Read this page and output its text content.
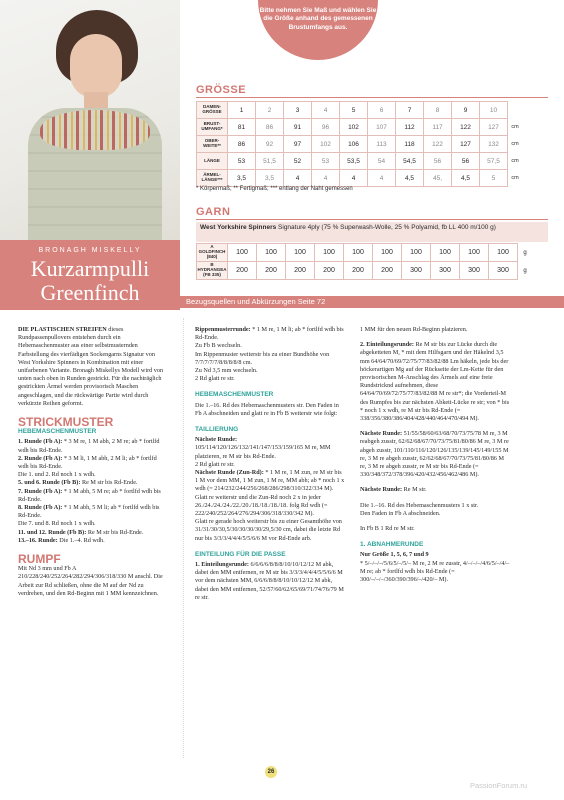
BRONAGH MISKELLY
Kurzarmpulli
Greenfinch
Bitte nehmen Sie Maß und wählen Sie die Größe anhand des gemessenen Brustumfangs aus.
GRÖSSE
DAMEN-GRÖSSE	1	2	3	4	5	6	7	8	9	10	
BRUST-UMFANG*	81	86	91	96	102	107	112	117	122	127	cm
OBER-WEITE**	86	92	97	102	106	113	118	122	127	132	cm
LÄNGE	53	51,5	52	53	53,5	54	54,5	56	56	57,5	cm
ÄRMEL-LÄNGE***	3,5	3,5	4	4	4	4	4,5	45,	4,5	5	cm
* Körpermaß; ** Fertigmaß; *** entlang der Naht gemessen
GARN
West Yorkshire Spinners Signature 4ply (75 % Superwash-Wolle, 25 % Polyamid, fb LL 400 m/100 g)
A GOLDFINCH (840)	100	100	100	100	100	100	100	100	100	100	g
B HYDRANGEA (FB 335)	200	200	200	200	200	200	300	300	300	300	g
Bezugsquellen und Abkürzungen Seite 72
DIE PLASTISCHEN STREIFEN dieses Rundpassenpullovers entstehen durch ein Hebemaschenmuster aus einer selbstmusternden Farbstellung des vierfädigen Sockengarns Signatur von West Yorkshire Spinners in Kombination mit einer unifarbenen Variante. Bronagh Miskellys Modell wird von unten nach oben in Runden gestrickt. Für die nachträglich gestrickten Ärmel werden provisorisch Maschen angeschlagen, und die rückwärtige Partie wird durch verkürzte Reihen geformt.
STRICKMUSTER
HEBEMASCHENMUSTER
1. Runde (Fb A): * 3 M re, 1 M abh, 2 M re; ab * fortlfd wdh bis Rd-Ende.
2. Runde (Fb A): * 3 M li, 1 M abh, 2 M li; ab * fortlfd wdh bis Rd-Ende.
Die 1. und 2. Rd noch 1 x wdh.
5. und 6. Runde (Fb B): Re M str bis Rd-Ende.
7. Runde (Fb A): * 1 M abh, 5 M re; ab * fortlfd wdh bis Rd-Ende.
8. Runde (Fb A): * 1 M abh, 5 M li; ab * fortlfd wdh bis Rd-Ende.
Die 7. und 8. Rd noch 1 x wdh.
11. und 12. Runde (Fb B): Re M str bis Rd-Ende.
13.–16. Runde: Die 1.–4. Rd wdh.
RUMPF
Mit Nd 3 mm und Fb A 210/228/240/252/264/282/294/306/318/330 M anschl. Die Arbeit zur Rd schließen, ohne die M auf der Nd zu verdrehen, und den Rd-Beginn mit 1 MM kennzeichnen.
Rippenmusterrunde: * 1 M re, 1 M li; ab * fortlfd wdh bis Rd-Ende.
Zu Fb B wechseln.
Im Rippenmuster weiterstr bis zu einer Bundhöhe von 7/7/7/7/7/8/8/8/8/8 cm.
Zu Nd 3,5 mm wechseln.
2 Rd glatt re str.
HEBEMASCHENMUSTER
Die 1.–16. Rd des Hebemaschenmusters str. Den Faden in Fb A abschneiden und glatt re in Fb B weiterstr wie folgt:
TAILLIERUNG
Nächste Runde: 105/114/120/126/132/141/147/153/159/165 M re, MM platzieren, re M str bis Rd-Ende.
2 Rd glatt re str.
Nächste Runde (Zun-Rd): * 1 M re, 1 M zun, re M str bis 1 M vor dem MM, 1 M zun, 1 M re, MM abh; ab * noch 1 x wdh (= 214/232/244/256/268/286/298/310/322/334 M).
Glatt re weiterstr und die Zun-Rd noch 2 x in jeder 26./24./24./24./22./20./18./18./18./18. folg Rd wdh (= 222/240/252/264/276/294/306/318/330/342 M).
Glatt re gerade hoch weiterstr bis zu einer Gesamthöhe von 31/31/30/30,5/30/30/30/30/29,5/30 cm, dabei die letzte Rd nur bis 3/3/3/4/4/4/5/5/6/6 M vor Rd-Ende arb.
EINTEILUNG FÜR DIE PASSE
1. Einteilungsrunde: 6/6/6/6/8/8/8/10/10/12/12 M abk, dabei den MM entfernen, re M str bis 3/3/3/4/4/4/5/5/6/6 M vor dem nächsten MM, 6/6/6/8/8/8/10/10/12/12 M abk, dabei den MM entfernen, 52/57/60/62/65/69/71/74/76/79 M re str.
1 MM für den neuen Rd-Beginn platzieren.
2. Einteilungsrunde: Re M str bis zur Lücke durch die abgeketteten M, * mit dem Hilfsgarn und der Häkelnd 3,5 mm 64/64/70/69/72/75/77/83/82/88 Lm häkeln, jede bis der höckerartigen Mg auf der Rückseite der Lm-Kette für den provisorischen M-Anschlag des Ärmels auf eine freie Rundstricknd aufnehmen, diese 64/64/70/69/72/75/77/83/82/88 M re str*; die Vorderteil-M des Rumpfes bis zur nächsten Abkett-Lücke re str; von * bis * noch 1 x wdh, re M str bis Rd-Ende (= 338/356/380/386/404/428/440/464/470/494 M).
Nächste Runde: 51/55/58/60/63/68/70/73/75/78 M re, 3 M reabgeh zusstr, 62/62/68/67/70/73/75/81/80/86 M re, 3 M re abgeh zusstr, 101/110/116/120/126/135/139/145/149/155 M re, 3 M re abgeh zusstr, 62/62/68/67/70/73/75/81/80/86 M re, 3 M re abgeh zusstr, re M str bis Rd-Ende (= 330/348/372/378/396/420/432/456/462/486 M).
Nächste Runde: Re M str.
Die 1.–16. Rd des Hebemaschenmusters 1 x str.
Den Faden in Fb A abschneiden.
In Fb B 1 Rd re M str.
1. ABNAHMERUNDE
Nur Größe 1, 5, 6, 7 und 9
* 5/–/–/–/5/6/5/–/5/– M re, 2 M re zusstr, 4/–/–/–/4/6/5/–/4/– M re; ab * fortlfd wdh bis Rd-Ende (= 300/–/–/–/360/390/396/–/420/– M).
26
PassionForum.ru
